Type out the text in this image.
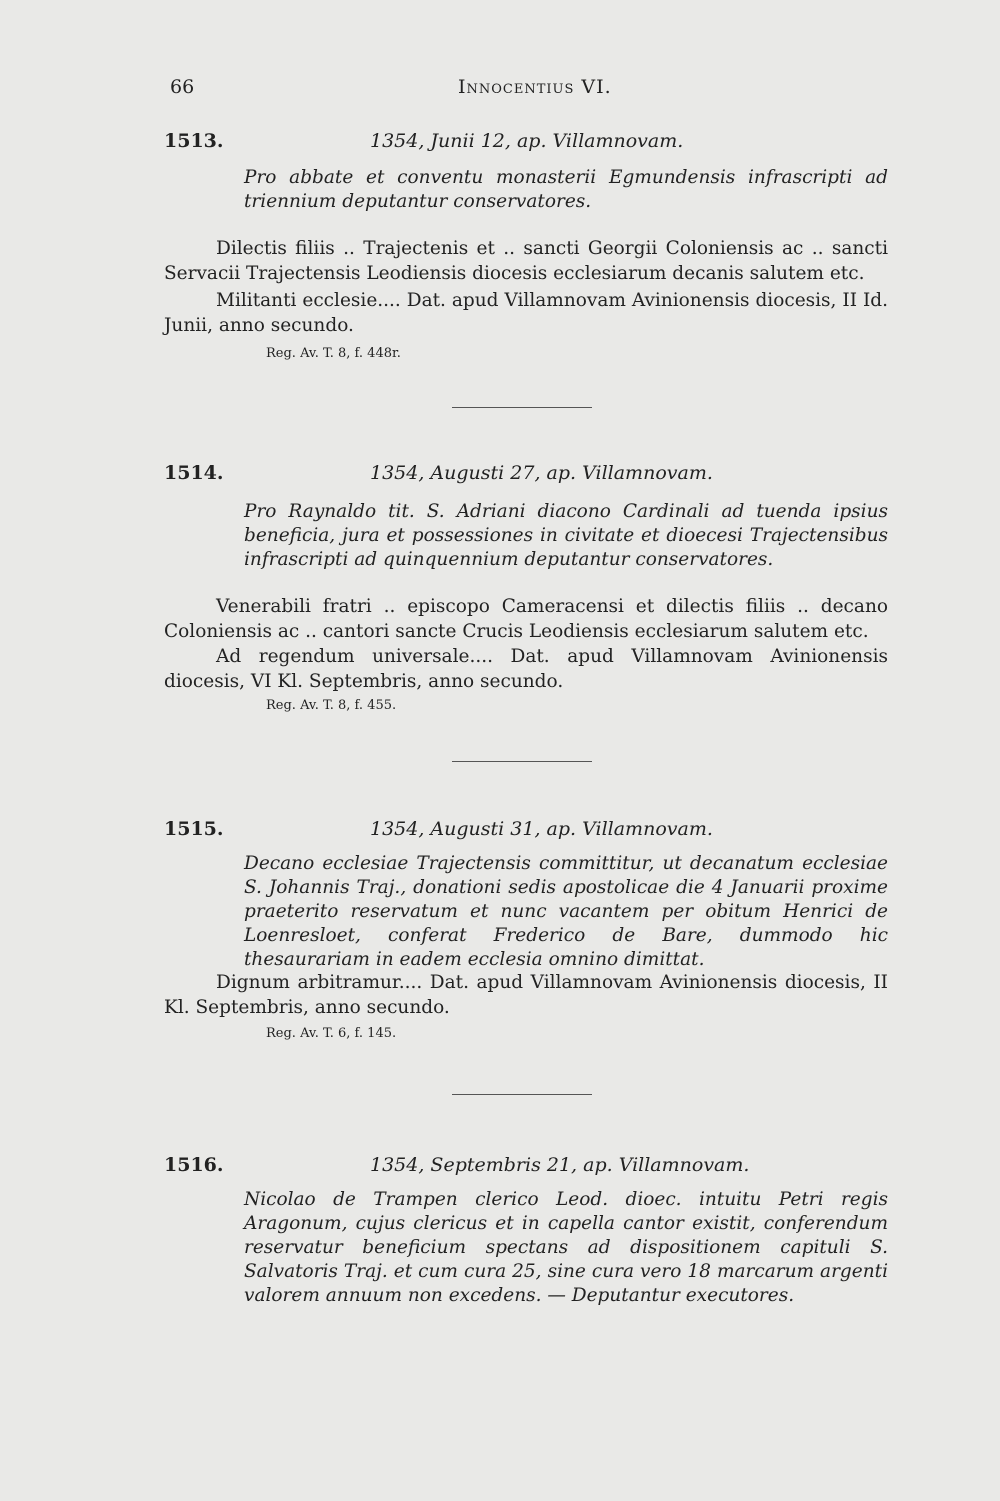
66	Innocentius VI.
1513.	1354, Junii 12, ap. Villamnovam.
Pro abbate et conventu monasterii Egmundensis infrascripti ad triennium deputantur conservatores.
Dilectis filiis .. Trajectenis et .. sancti Georgii Coloniensis ac .. sancti Servacii Trajectensis Leodiensis diocesis ecclesiarum decanis salutem etc.
Militanti ecclesie.... Dat. apud Villamnovam Avinionensis diocesis, II Id. Junii, anno secundo.
Reg. Av. T. 8, f. 448r.
1514.	1354, Augusti 27, ap. Villamnovam.
Pro Raynaldo tit. S. Adriani diacono Cardinali ad tuenda ipsius beneficia, jura et possessiones in civitate et dioecesi Trajectensibus infrascripti ad quinquennium deputantur conservatores.
Venerabili fratri .. episcopo Cameracensi et dilectis filiis .. decano Coloniensis ac .. cantori sancte Crucis Leodiensis ecclesiarum salutem etc.
Ad regendum universale.... Dat. apud Villamnovam Avinionensis diocesis, VI Kl. Septembris, anno secundo.
Reg. Av. T. 8, f. 455.
1515.	1354, Augusti 31, ap. Villamnovam.
Decano ecclesiae Trajectensis committitur, ut decanatum ecclesiae S. Johannis Traj., donationi sedis apostolicae die 4 Januarii proxime praeterito reservatum et nunc vacantem per obitum Henrici de Loenresloet, conferat Frederico de Bare, dummodo hic thesaurariam in eadem ecclesia omnino dimittat.
Dignum arbitramur.... Dat. apud Villamnovam Avinionensis diocesis, II Kl. Septembris, anno secundo.
Reg. Av. T. 6, f. 145.
1516.	1354, Septembris 21, ap. Villamnovam.
Nicolao de Trampen clerico Leod. dioec. intuitu Petri regis Aragonum, cujus clericus et in capella cantor existit, conferendum reservatur beneficium spectans ad dispositionem capituli S. Salvatoris Traj. et cum cura 25, sine cura vero 18 marcarum argenti valorem annuum non excedens. — Deputantur executores.
